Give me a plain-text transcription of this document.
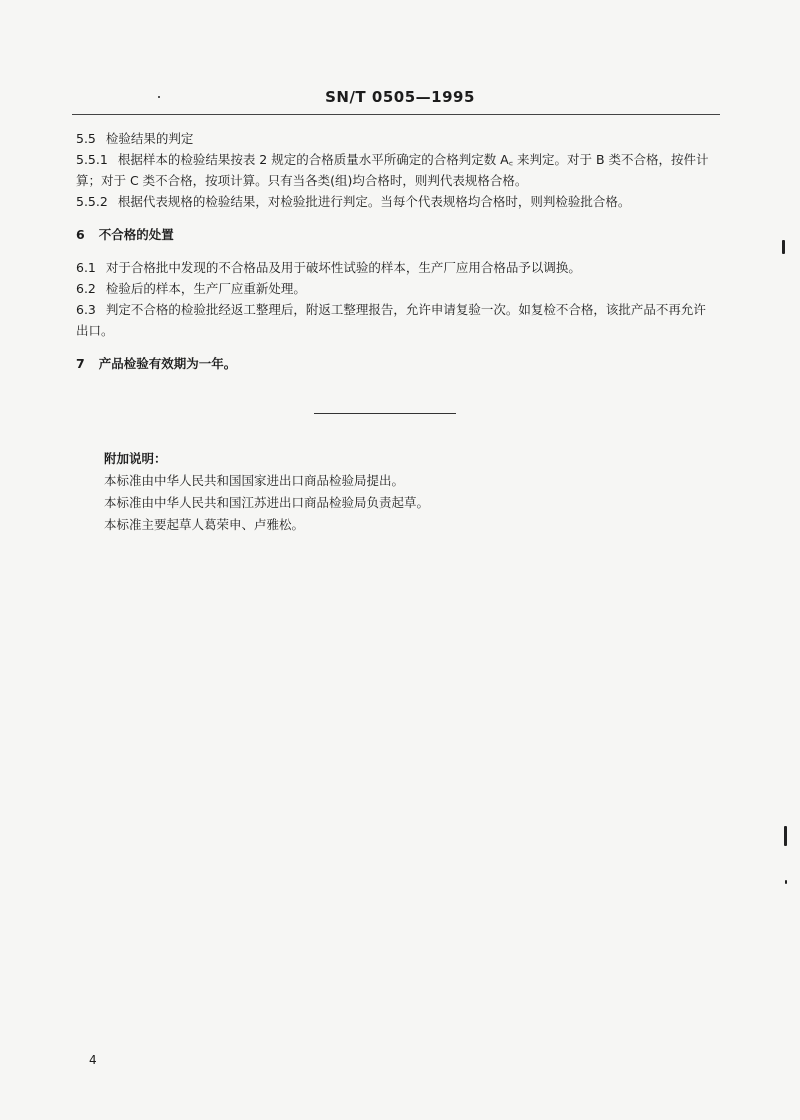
SN/T 0505—1995

5.5 检验结果的判定

5.5.1 根据样本的检验结果按表 2 规定的合格质量水平所确定的合格判定数 A꜀ 来判定。对于 B 类不合格，按件计算；对于 C 类不合格，按项计算。只有当各类(组)均合格时，则判代表规格合格。

5.5.2 根据代表规格的检验结果，对检验批进行判定。当每个代表规格均合格时，则判检验批合格。

6 不合格的处置

6.1 对于合格批中发现的不合格品及用于破坏性试验的样本，生产厂应用合格品予以调换。

6.2 检验后的样本，生产厂应重新处理。

6.3 判定不合格的检验批经返工整理后，附返工整理报告，允许申请复验一次。如复检不合格，该批产品不再允许出口。

7 产品检验有效期为一年。

附加说明：
本标准由中华人民共和国国家进出口商品检验局提出。
本标准由中华人民共和国江苏进出口商品检验局负责起草。
本标准主要起草人葛荣申、卢雅松。
4
